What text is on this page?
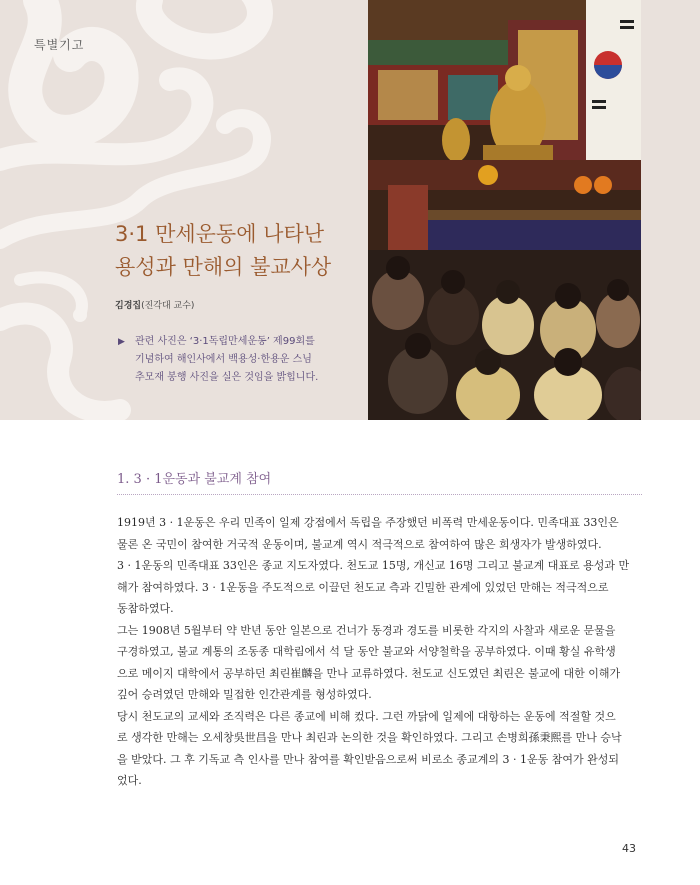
특별기고
3·1 만세운동에 나타난
용성과 만해의 불교사상
김경집(진각대 교수)
▶ 관련 사진은 ‘3·1독립만세운동’ 제99회를
기념하여 해인사에서 백용성·한용운 스님
추모재 봉행 사진을 실은 것임을 밝힙니다.
1. 3 · 1운동과 불교계 참여
1919년 3 · 1운동은 우리 민족이 일제 강점에서 독립을 주장했던 비폭력 만세운동이다. 민족대표 33인은
물론 온 국민이 참여한 거국적 운동이며, 불교계 역시 적극적으로 참여하여 많은 희생자가 발생하였다.
3 · 1운동의 민족대표 33인은 종교 지도자였다. 천도교 15명, 개신교 16명 그리고 불교계 대표로 용성과 만
해가 참여하였다. 3 · 1운동을 주도적으로 이끌던 천도교 측과 긴밀한 관계에 있었던 만해는 적극적으로
동참하였다.
그는 1908년 5월부터 약 반년 동안 일본으로 건너가 동경과 경도를 비롯한 각지의 사찰과 새로운 문물을
구경하였고, 불교 계통의 조동종 대학림에서 석 달 동안 불교와 서양철학을 공부하였다. 이때 황실 유학생
으로 메이지 대학에서 공부하던 최린崔麟을 만나 교류하였다. 천도교 신도였던 최린은 불교에 대한 이해가
깊어 승려였던 만해와 밀접한 인간관계를 형성하였다.
당시 천도교의 교세와 조직력은 다른 종교에 비해 컸다. 그런 까닭에 일제에 대항하는 운동에 적절할 것으
로 생각한 만해는 오세창吳世昌을 만나 최린과 논의한 것을 확인하였다. 그리고 손병희孫秉熙를 만나 승낙
을 받았다. 그 후 기독교 측 인사를 만나 참여를 확인받음으로써 비로소 종교계의 3 · 1운동 참여가 완성되
었다.
43
